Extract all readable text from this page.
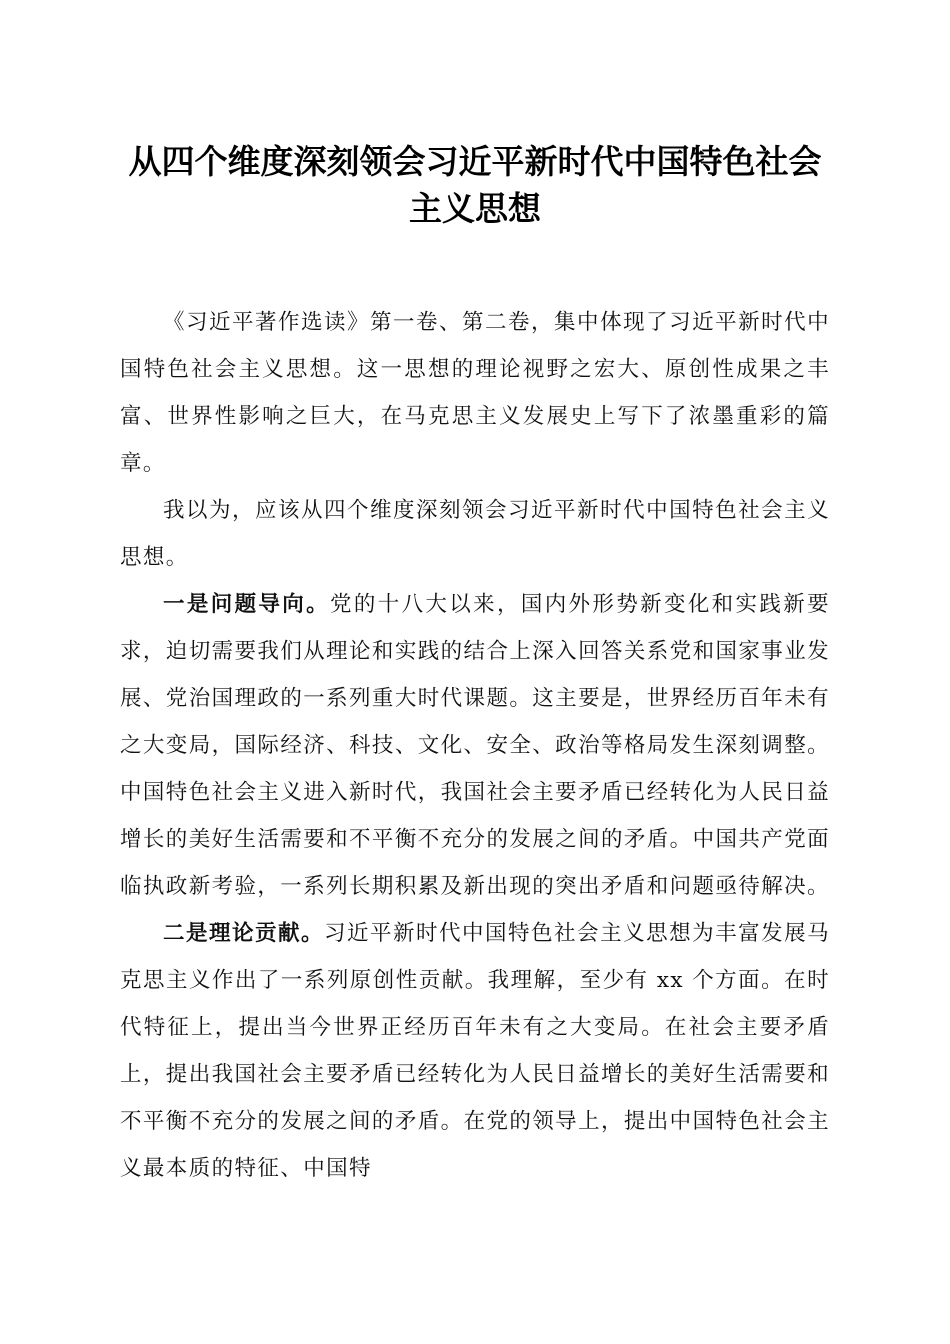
从四个维度深刻领会习近平新时代中国特色社会主义思想

《习近平著作选读》第一卷、第二卷，集中体现了习近平新时代中国特色社会主义思想。这一思想的理论视野之宏大、原创性成果之丰富、世界性影响之巨大，在马克思主义发展史上写下了浓墨重彩的篇章。

我以为，应该从四个维度深刻领会习近平新时代中国特色社会主义思想。

一是问题导向。党的十八大以来，国内外形势新变化和实践新要求，迫切需要我们从理论和实践的结合上深入回答关系党和国家事业发展、党治国理政的一系列重大时代课题。这主要是，世界经历百年未有之大变局，国际经济、科技、文化、安全、政治等格局发生深刻调整。中国特色社会主义进入新时代，我国社会主要矛盾已经转化为人民日益增长的美好生活需要和不平衡不充分的发展之间的矛盾。中国共产党面临执政新考验，一系列长期积累及新出现的突出矛盾和问题亟待解决。

二是理论贡献。习近平新时代中国特色社会主义思想为丰富发展马克思主义作出了一系列原创性贡献。我理解，至少有 xx 个方面。在时代特征上，提出当今世界正经历百年未有之大变局。在社会主要矛盾上，提出我国社会主要矛盾已经转化为人民日益增长的美好生活需要和不平衡不充分的发展之间的矛盾。在党的领导上，提出中国特色社会主义最本质的特征、中国特
